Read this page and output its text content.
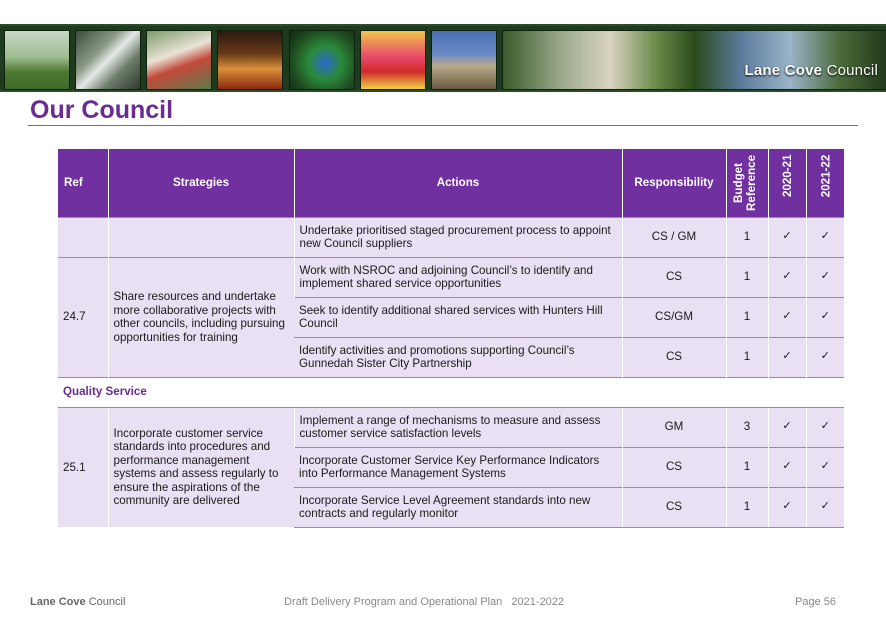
Lane Cove Council
Our Council
Ref	Strategies	Actions	Responsibility	Budget Reference	2020-21	2021-22

		Undertake prioritised staged procurement process to appoint new Council suppliers	CS / GM	1	✓	✓
24.7	Share resources and undertake more collaborative projects with other councils, including pursuing opportunities for training	Work with NSROC and adjoining Council’s to identify and implement shared service opportunities	CS	1	✓	✓
		Seek to identify additional shared services with Hunters Hill Council	CS/GM	1	✓	✓
		Identify activities and promotions supporting Council’s Gunnedah Sister City Partnership	CS	1	✓	✓
Quality Service						
25.1	Incorporate customer service standards into procedures and performance management systems and assess regularly to ensure the aspirations of the community are delivered	Implement a range of mechanisms to measure and assess customer service satisfaction levels	GM	3	✓	✓
		Incorporate Customer Service Key Performance Indicators into Performance Management Systems	CS	1	✓	✓
		Incorporate Service Level Agreement standards into new contracts and regularly monitor	CS	1	✓	✓
Lane Cove Council	Draft Delivery Program and Operational Plan   2021-2022	Page 56
